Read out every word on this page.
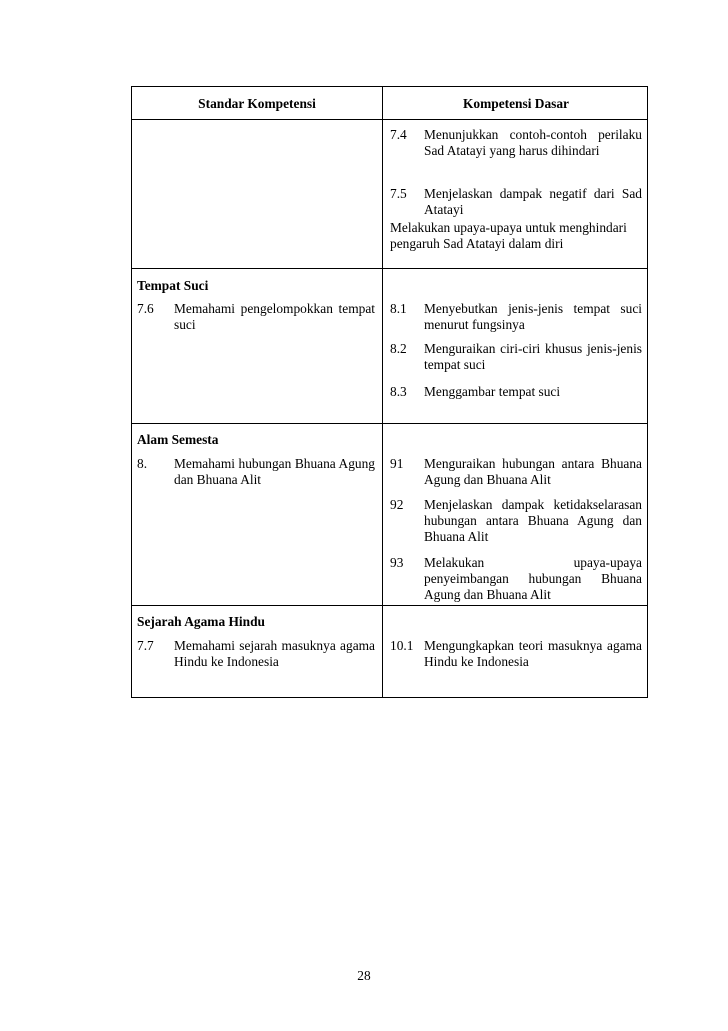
Standar Kompetensi	Kompetensi Dasar
7.4 Menunjukkan contoh-contoh perilaku Sad Atatayi yang harus dihindari
7.5 Menjelaskan dampak negatif dari Sad Atatayi
Melakukan upaya-upaya untuk menghindari pengaruh Sad Atatayi dalam diri
Tempat Suci
7.6 Memahami pengelompokkan tempat suci
8.1 Menyebutkan jenis-jenis tempat suci menurut fungsinya
8.2 Menguraikan ciri-ciri khusus jenis-jenis tempat suci
8.3 Menggambar tempat suci
Alam Semesta
8. Memahami hubungan Bhuana Agung dan Bhuana Alit
91 Menguraikan hubungan antara Bhuana Agung dan Bhuana Alit
92 Menjelaskan dampak ketidakselarasan hubungan antara Bhuana Agung dan Bhuana Alit
93 Melakukan upaya-upaya penyeimbangan hubungan Bhuana Agung dan Bhuana Alit
Sejarah Agama Hindu
7.7 Memahami sejarah masuknya agama Hindu ke Indonesia
10.1 Mengungkapkan teori masuknya agama Hindu ke Indonesia
28
